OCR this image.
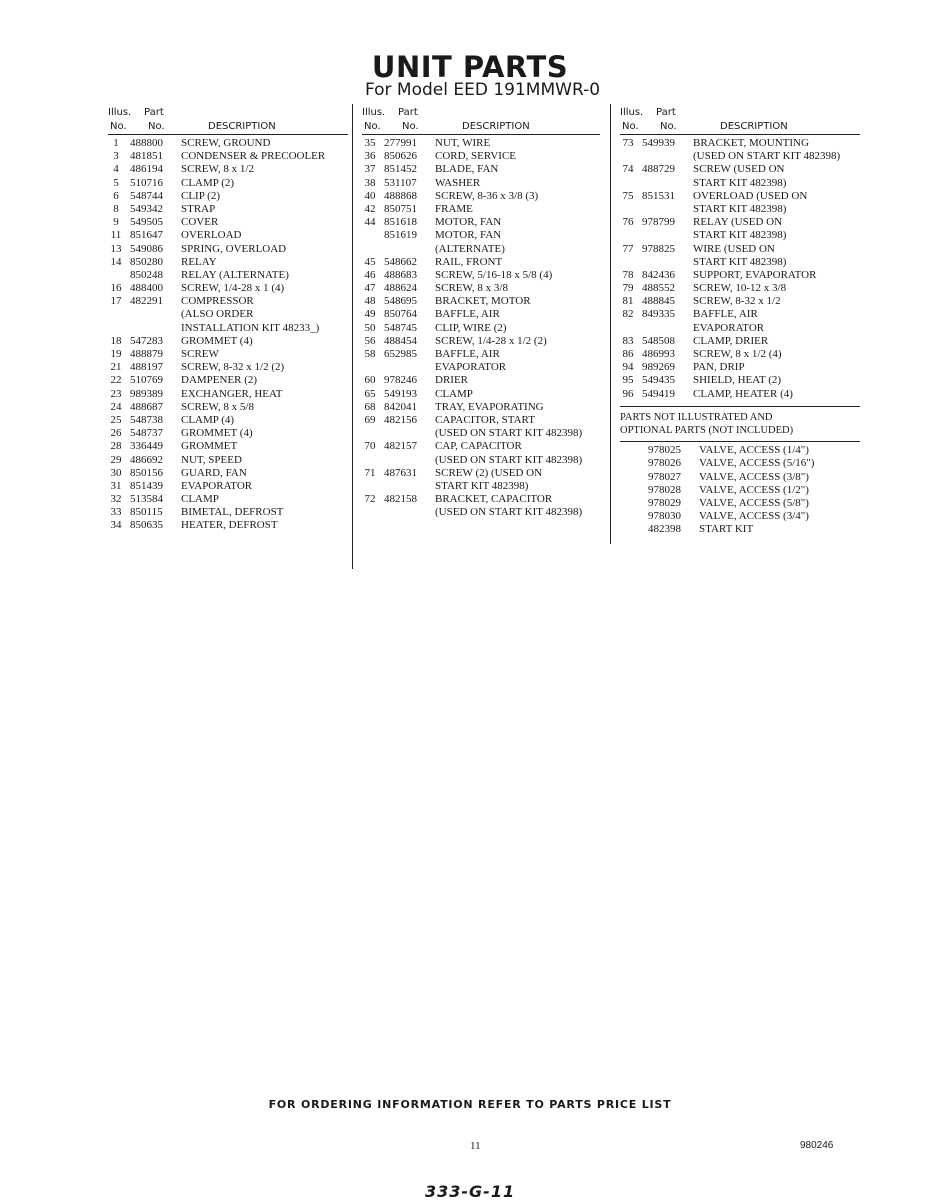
UNIT PARTS
For Model EED 191MMWR-0
Illus. Part
No. No.	DESCRIPTION
1	488800 SCREW, GROUND
3	481851 CONDENSER & PRECOOLER
4	486194 SCREW, 8 x 1/2
5	510716 CLAMP (2)
6	548744 CLIP (2)
8	549342 STRAP
9	549505 COVER
11 851647 OVERLOAD
13 549086 SPRING, OVERLOAD
14 850280 RELAY
850248 RELAY (ALTERNATE)
16 488400 SCREW, 1/4-28 x 1 (4)
17 482291 COMPRESSOR
(ALSO ORDER
INSTALLATION KIT 48233_)
18 547283 GROMMET (4)
19 488879 SCREW
21 488197 SCREW, 8-32 x 1/2 (2)
22 510769 DAMPENER (2)
23 989389 EXCHANGER, HEAT
24 488687 SCREW, 8 x 5/8
25 548738 CLAMP (4)
26 548737 GROMMET (4)
28 336449 GROMMET
29 486692 NUT, SPEED
30 850156 GUARD, FAN
31 851439 EVAPORATOR
32 513584 CLAMP
33 850115 BIMETAL, DEFROST
34 850635 HEATER, DEFROST
Illus. Part
No. No.	DESCRIPTION
35 277991 NUT, WIRE
36 850626 CORD, SERVICE
37 851452 BLADE, FAN
38 531107 WASHER
40 488868 SCREW, 8-36 x 3/8 (3)
42 850751 FRAME
44 851618 MOTOR, FAN
851619 MOTOR, FAN
(ALTERNATE)
45 548662 RAIL, FRONT
46 488683 SCREW, 5/16-18 x 5/8 (4)
47 488624 SCREW, 8 x 3/8
48 548695 BRACKET, MOTOR
49 850764 BAFFLE, AIR
50 548745 CLIP, WIRE (2)
56 488454 SCREW, 1/4-28 x 1/2 (2)
58 652985 BAFFLE, AIR
EVAPORATOR
60 978246 DRIER
65 549193 CLAMP
68 842041 TRAY, EVAPORATING
69 482156 CAPACITOR, START
(USED ON START KIT 482398)
70 482157 CAP, CAPACITOR
(USED ON START KIT 482398)
71 487631 SCREW (2) (USED ON
START KIT 482398)
72 482158 BRACKET, CAPACITOR
(USED ON START KIT 482398)
Illus. Part
No. No.	DESCRIPTION
73 549939 BRACKET, MOUNTING
(USED ON START KIT 482398)
74 488729 SCREW (USED ON
START KIT 482398)
75 851531 OVERLOAD (USED ON
START KIT 482398)
76 978799 RELAY (USED ON
START KIT 482398)
77 978825 WIRE (USED ON
START KIT 482398)
78 842436 SUPPORT, EVAPORATOR
79 488552 SCREW, 10-12 x 3/8
81 488845 SCREW, 8-32 x 1/2
82 849335 BAFFLE, AIR
EVAPORATOR
83 548508 CLAMP, DRIER
86 486993 SCREW, 8 x 1/2 (4)
94 989269 PAN, DRIP
95 549435 SHIELD, HEAT (2)
96 549419 CLAMP, HEATER (4)
PARTS NOT ILLUSTRATED AND
OPTIONAL PARTS (NOT INCLUDED)
978025 VALVE, ACCESS (1/4")
978026 VALVE, ACCESS (5/16")
978027 VALVE, ACCESS (3/8")
978028 VALVE, ACCESS (1/2")
978029 VALVE, ACCESS (5/8")
978030 VALVE, ACCESS (3/4")
482398 START KIT
FOR ORDERING INFORMATION REFER TO PARTS PRICE LIST
11	980246
333-G-11
